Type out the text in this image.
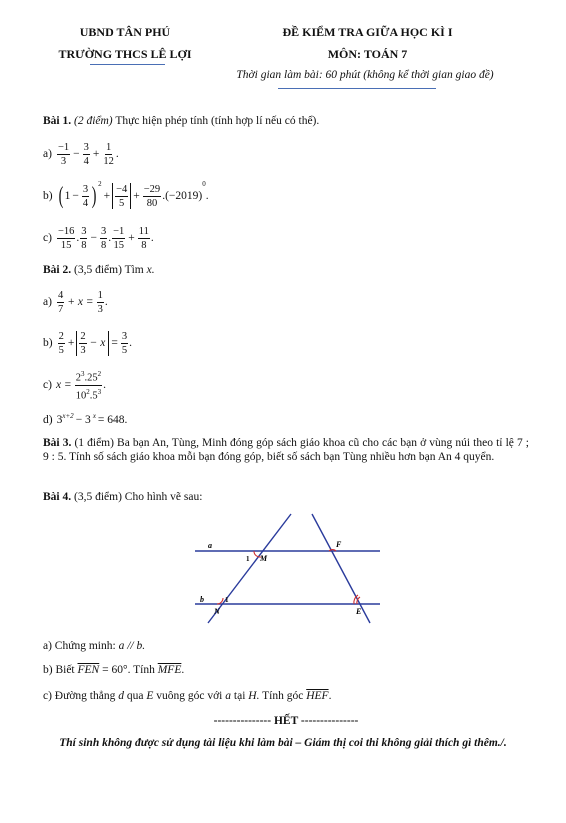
UBND TÂN PHÚ
TRƯỜNG THCS LÊ LỢI
ĐỀ KIỂM TRA GIỮA HỌC KÌ I
MÔN: TOÁN 7
Thời gian làm bài: 60 phút (không kể thời gian giao đề)
Bài 1. (2 điểm) Thực hiện phép tính (tính hợp lí nếu có thể).
$a) \frac{-1}{3} - \frac{3}{4} + \frac{1}{12}$ .
b) ( $1 - \frac{3}{4} )^2$
+ $\frac{-4}{5} + \frac{-29}{80} .(-2019)$
0
.
$c) \frac{-16}{15}$ . $\frac{3}{8} - \frac{3}{8}$ . $\frac{-1}{15} + \frac{11}{8}$ .
Bài 2. (3,5 điểm) Tìm x.
$a) \frac{4}{7} + x = \frac{1}{3}$ .
$b) \frac{2}{5} + \frac{2}{3} - x = \frac{3}{5}$ .
c) $x = \frac{2^3.25^2}{10^2.5^3}$ .
d) $3^{x+2} - 3$ $^x$ = 648.
Bài 3. (1 điểm) Ba bạn An, Tùng, Minh đóng góp sách giáo khoa cũ cho các bạn ở vùng núi theo tỉ lệ 7 ; 9 : 5. Tính số sách giáo khoa mỗi bạn đóng góp, biết số sách bạn Tùng nhiều hơn bạn An 4 quyển.
Bài 4. (3,5 điểm) Cho hình vẽ sau:
a
b
F
M
1
N
1
E
a) Chứng minh: a // b.
b) Biết $\overline{FEN} = 60^\circ$. Tính $\overline{MFE}$.
c) Đường thẳng d qua E vuông góc với a tại H. Tính góc $\overline{HEF}$.
--------------- HẾT ---------------
Thí sinh không được sử dụng tài liệu khi làm bài – Giám thị coi thi không giải thích gì thêm./.
